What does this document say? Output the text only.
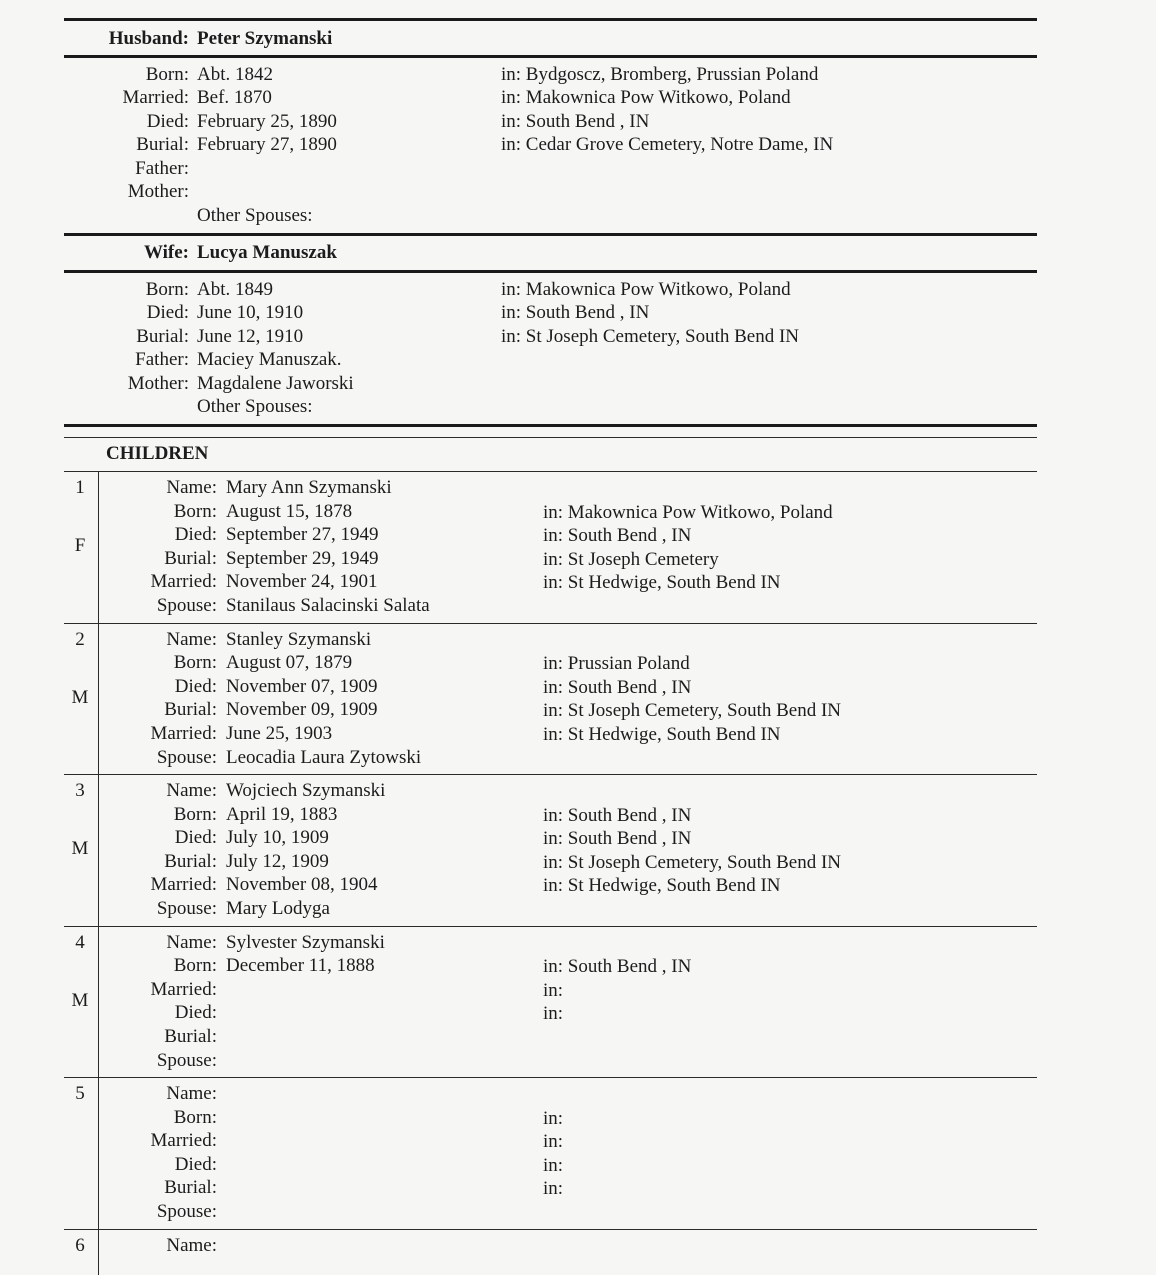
Husband: Peter Szymanski
Born: Abt. 1842	in: Bydgoscz, Bromberg, Prussian Poland
Married: Bef. 1870	in: Makownica Pow Witkowo, Poland
Died: February 25, 1890	in: South Bend , IN
Burial: February 27, 1890	in: Cedar Grove Cemetery, Notre Dame, IN
Father:
Mother:
Other Spouses:
Wife: Lucya Manuszak
Born: Abt. 1849	in: Makownica Pow Witkowo, Poland
Died: June 10, 1910	in: South Bend , IN
Burial: June 12, 1910	in: St Joseph Cemetery, South Bend IN
Father: Maciey Manuszak.
Mother: Magdalene Jaworski
Other Spouses:
CHILDREN
1
F
Name: Mary Ann Szymanski
Born: August 15, 1878	in: Makownica Pow Witkowo, Poland
Died: September 27, 1949	in: South Bend , IN
Burial: September 29, 1949	in: St Joseph Cemetery
Married: November 24, 1901	in: St Hedwige, South Bend IN
Spouse: Stanilaus Salacinski Salata
2
M
Name: Stanley Szymanski
Born: August 07, 1879	in: Prussian Poland
Died: November 07, 1909	in: South Bend , IN
Burial: November 09, 1909	in: St Joseph Cemetery, South Bend IN
Married: June 25, 1903	in: St Hedwige, South Bend IN
Spouse: Leocadia Laura Zytowski
3
M
Name: Wojciech Szymanski
Born: April 19, 1883	in: South Bend , IN
Died: July 10, 1909	in: South Bend , IN
Burial: July 12, 1909	in: St Joseph Cemetery, South Bend IN
Married: November 08, 1904	in: St Hedwige, South Bend IN
Spouse: Mary Lodyga
4
M
Name: Sylvester Szymanski
Born: December 11, 1888	in: South Bend , IN
Married:	in:
Died:	in:
Burial:
Spouse:
5	Name:
Born:	in:
Married:	in:
Died:	in:
Burial:	in:
Spouse:
6	Name:
